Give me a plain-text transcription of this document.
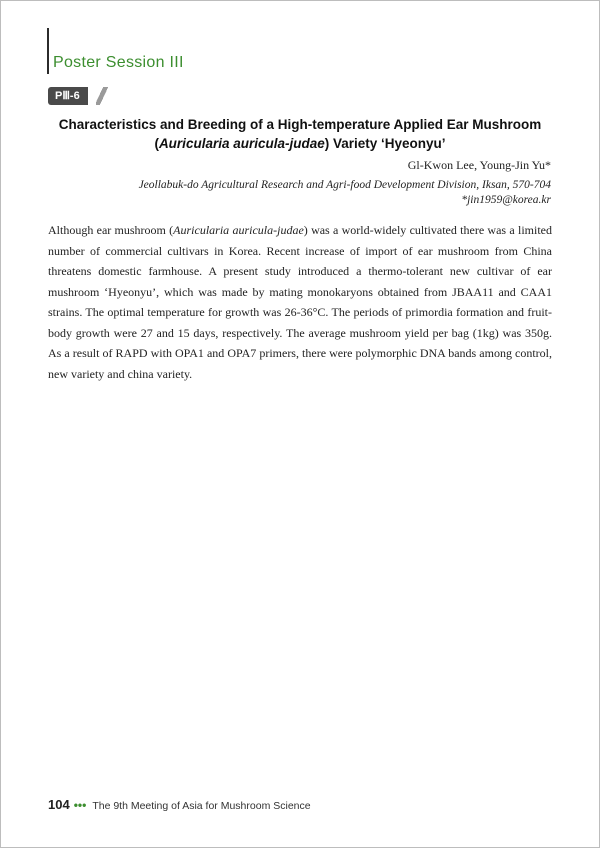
Poster Session III
PⅢ-6
Characteristics and Breeding of a High-temperature Applied Ear Mushroom
(Auricularia auricula-judae) Variety ‘Hyeonyu’
Gl-Kwon Lee, Young-Jin Yu*
Jeollabuk-do Agricultural Research and Agri-food Development Division, Iksan, 570-704
*jin1959@korea.kr
Although ear mushroom (Auricularia auricula-judae) was a world-widely cultivated there was a limited number of commercial cultivars in Korea. Recent increase of import of ear mushroom from China threatens domestic farmhouse. A present study introduced a thermo-tolerant new cultivar of ear mushroom ‘Hyeonyu’, which was made by mating monokaryons obtained from JBAA11 and CAA1 strains. The optimal temperature for growth was 26-36°C. The periods of primordia formation and fruit-body growth were 27 and 15 days, respectively. The average mushroom yield per bag (1kg) was 350g. As a result of RAPD with OPA1 and OPA7 primers, there were polymorphic DNA bands among control, new variety and china variety.
104 ••• The 9th Meeting of Asia for Mushroom Science
